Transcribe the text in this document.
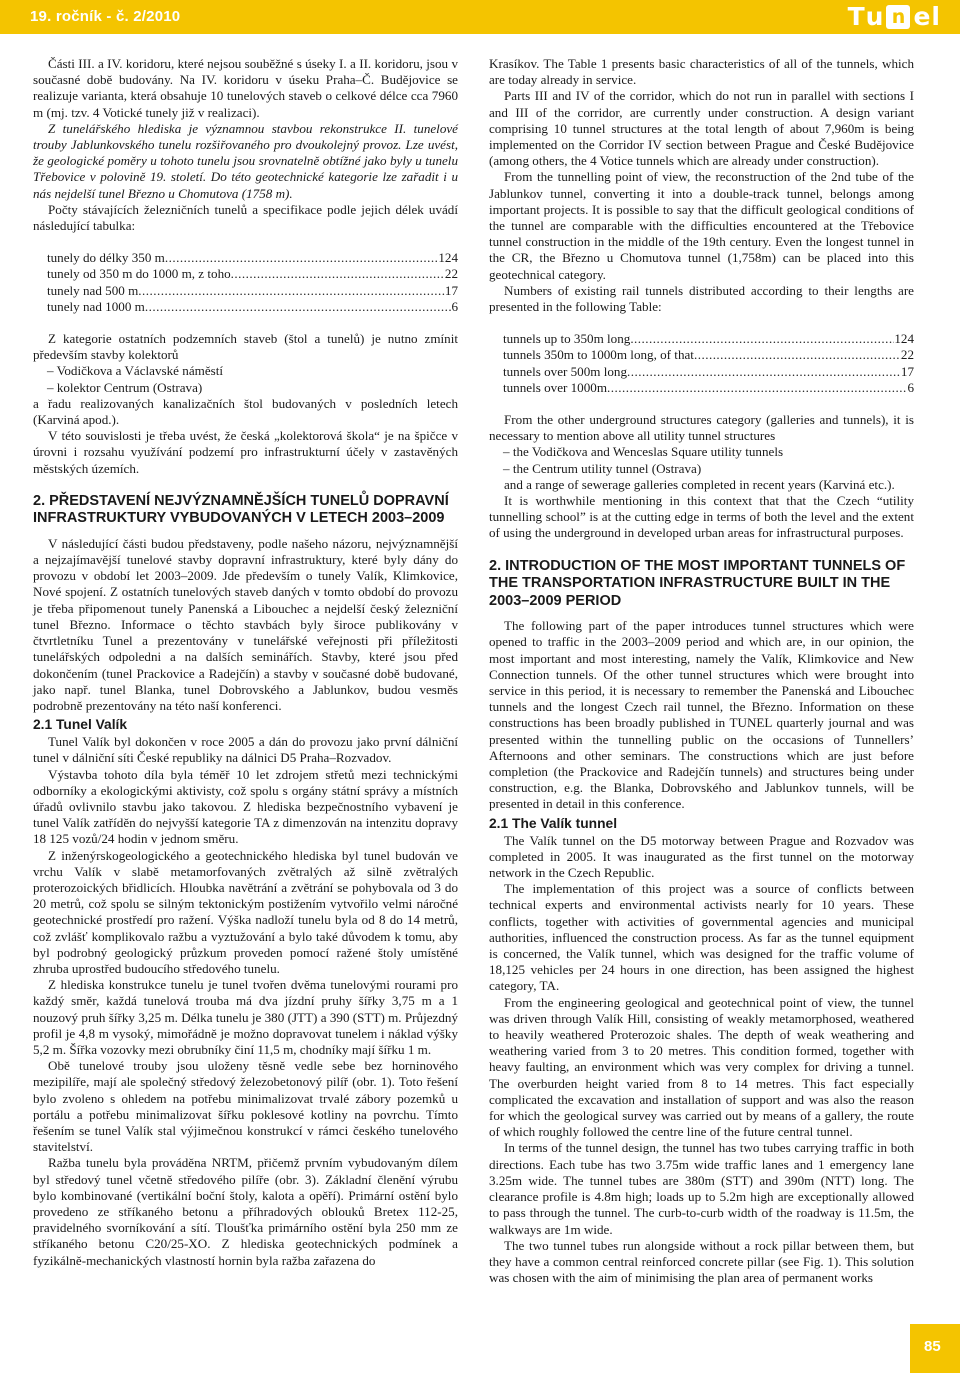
19. ročník - č. 2/2010	T u n e l

Části III. a IV. koridoru, které nejsou souběžné s úseky I. a II. koridoru, jsou v současné době budovány. Na IV. koridoru v úseku Praha–Č. Budějovice se realizuje varianta, která obsahuje 10 tunelových staveb o celkové délce cca 7960 m (mj. tzv. 4 Votické tunely již v realizaci).

Z tunelářského hlediska je významnou stavbou rekonstrukce II. tunelové trouby Jablunkovského tunelu rozšiřovaného pro dvoukolejný provoz. Lze uvést, že geologické poměry u tohoto tunelu jsou srovnatelně obtížné jako byly u tunelu Třebovice v polovině 19. století. Do této geotechnické kategorie lze zařadit i u nás nejdelší tunel Březno u Chomutova (1758 m).

Počty stávajících železničních tunelů a specifikace podle jejich délek uvádí následující tabulka:

tunely do délky 350 m . . .	124
tunely od 350 m do 1000 m, z toho . . .	22
tunely nad 500 m . . .	17
tunely nad 1000 m . . .	6

Z kategorie ostatních podzemních staveb (štol a tunelů) je nutno zmínit především stavby kolektorů

– Vodičkova a Václavské náměstí

– kolektor Centrum (Ostrava)

a řadu realizovaných kanalizačních štol budovaných v posledních letech (Karviná apod.).

V této souvislosti je třeba uvést, že česká „kolektorová škola“ je na špičce v úrovni i rozsahu využívání podzemí pro infrastrukturní účely v zastavěných městských územích.

2. PŘEDSTAVENÍ NEJVÝZNAMNĚJŠÍCH TUNELŮ DOPRAVNÍ INFRASTRUKTURY VYBUDOVANÝCH V LETECH 2003–2009

V následující části budou představeny, podle našeho názoru, nejvýznamnější a nejzajímavější tunelové stavby dopravní infrastruktury, které byly dány do provozu v období let 2003–2009. Jde především o tunely Valík, Klimkovice, Nové spojení. Z ostatních tunelových staveb daných v tomto období do provozu je třeba připomenout tunely Panenská a Libouchec a nejdelší český železniční tunel Březno. Informace o těchto stavbách byly široce publikovány v čtvrtletníku Tunel a prezentovány v tunelářské veřejnosti při příležitosti tunelářských odpoledni a na dalších seminářích. Stavby, které jsou před dokončením (tunel Prackovice a Radejčín) a stavby v současné době budované, jako např. tunel Blanka, tunel Dobrovského a Jablunkov, budou vesměs podrobně prezentovány na této naší konferenci.

2.1 Tunel Valík

Tunel Valík byl dokončen v roce 2005 a dán do provozu jako první dálniční tunel v dálniční síti České republiky na dálnici D5 Praha–Rozvadov.

Výstavba tohoto díla byla téměř 10 let zdrojem střetů mezi technickými odborníky a ekologickými aktivisty, což spolu s orgány státní správy a místních úřadů ovlivnilo stavbu jako takovou. Z hlediska bezpečnostního vybavení je tunel Valík zatříděn do nejvyšší kategorie TA z dimenzován na intenzitu dopravy 18 125 vozů/24 hodin v jednom směru.

Z inženýrskogeologického a geotechnického hlediska byl tunel budován ve vrchu Valík v slabě metamorfovaných zvětralých až silně zvětralých proterozoických břidlicích. Hloubka navětrání a zvětrání se pohybovala od 3 do 20 metrů, což spolu se silným tektonickým postižením vytvořilo velmi náročné geotechnické prostředí pro ražení. Výška nadloží tunelu byla od 8 do 14 metrů, což zvlášť komplikovalo ražbu a vyztužování a bylo také důvodem k tomu, aby byl podrobný geologický průzkum proveden pomocí ražené štoly umístěné zhruba uprostřed budoucího středového tunelu.

Z hlediska konstrukce tunelu je tunel tvořen dvěma tunelovými rourami pro každý směr, každá tunelová trouba má dva jízdní pruhy šířky 3,75 m a 1 nouzový pruh šířky 3,25 m. Délka tunelu je 380 (JTT) a 390 (STT) m. Průjezdný profil je 4,8 m vysoký, mimořádně je možno dopravovat tunelem i náklad výšky 5,2 m. Šířka vozovky mezi obrubníky činí 11,5 m, chodníky mají šířku 1 m.

Obě tunelové trouby jsou uloženy těsně vedle sebe bez horninového mezipilíře, mají ale společný středový železobetonový pilíř (obr. 1). Toto řešení bylo zvoleno s ohledem na potřebu minimalizovat trvalé zábory pozemků u portálu a potřebu minimalizovat šířku poklesové kotliny na povrchu. Tímto řešením se tunel Valík stal výjimečnou konstrukcí v rámci českého tunelového stavitelství.

Ražba tunelu byla prováděna NRTM, přičemž prvním vybudovaným dílem byl středový tunel včetně středového pilíře (obr. 3). Základní členění výrubu bylo kombinované (vertikální boční štoly, kalota a opěří). Primární ostění bylo provedeno ze stříkaného betonu a příhradových oblouků Bretex 112-25, pravidelného svorníkování a sítí. Tloušťka primárního ostění byla 250 mm ze stříkaného betonu C20/25-XO. Z hlediska geotechnických podmínek a fyzikálně-mechanických vlastností hornin byla ražba zařazena do

Krasíkov. The Table 1 presents basic characteristics of all of the tunnels, which are today already in service.

Parts III and IV of the corridor, which do not run in parallel with sections I and III of the corridor, are currently under construction. A design variant comprising 10 tunnel structures at the total length of about 7,960m is being implemented on the Corridor IV section between Prague and České Budějovice (among others, the 4 Votice tunnels which are already under construction).

From the tunnelling point of view, the reconstruction of the 2nd tube of the Jablunkov tunnel, converting it into a double-track tunnel, belongs among important projects. It is possible to say that the difficult geological conditions of the tunnel are comparable with the difficulties encountered at the Třebovice tunnel construction in the middle of the 19th century. Even the longest tunnel in the CR, the Březno u Chomutova tunnel (1,758m) can be placed into this geotechnical category.

Numbers of existing rail tunnels distributed according to their lengths are presented in the following Table:

tunnels up to 350m long . . .	124
tunnels 350m to 1000m long, of that . . .	22
tunnels over 500m long . . .	17
tunnels over 1000m . . .	6

From the other underground structures category (galleries and tunnels), it is necessary to mention above all utility tunnel structures

– the Vodičkova and Wenceslas Square utility tunnels

– the Centrum utility tunnel (Ostrava)

and a range of sewerage galleries completed in recent years (Karviná etc.).

It is worthwhile mentioning in this context that that the Czech “utility tunnelling school” is at the cutting edge in terms of both the level and the extent of using the underground in developed urban areas for infrastructural purposes.

2. INTRODUCTION OF THE MOST IMPORTANT TUNNELS OF THE TRANSPORTATION INFRASTRUCTURE BUILT IN THE 2003–2009 PERIOD

The following part of the paper introduces tunnel structures which were opened to traffic in the 2003–2009 period and which are, in our opinion, the most important and most interesting, namely the Valík, Klimkovice and New Connection tunnels. Of the other tunnel structures which were brought into service in this period, it is necessary to remember the Panenská and Libouchec tunnels and the longest Czech rail tunnel, the Březno. Information on these constructions has been broadly published in TUNEL quarterly journal and was presented within the tunnelling public on the occasions of Tunnellers’ Afternoons and other seminars. The constructions which are just before completion (the Prackovice and Radejčín tunnels) and structures being under construction, e.g. the Blanka, Dobrovského and Jablunkov tunnels, will be presented in detail in this conference.

2.1 The Valík tunnel

The Valík tunnel on the D5 motorway between Prague and Rozvadov was completed in 2005. It was inaugurated as the first tunnel on the motorway network in the Czech Republic.

The implementation of this project was a source of conflicts between technical experts and environmental activists nearly for 10 years. These conflicts, together with activities of governmental agencies and municipal authorities, influenced the construction process. As far as the tunnel equipment is concerned, the Valík tunnel, which was designed for the traffic volume of 18,125 vehicles per 24 hours in one direction, has been assigned the highest category, TA.

From the engineering geological and geotechnical point of view, the tunnel was driven through Valík Hill, consisting of weakly metamorphosed, weathered to heavily weathered Proterozoic shales. The depth of weak weathering and weathering varied from 3 to 20 metres. This condition formed, together with heavy faulting, an environment which was very complex for driving a tunnel. The overburden height varied from 8 to 14 metres. This fact especially complicated the excavation and installation of support and was also the reason for which the geological survey was carried out by means of a gallery, the route of which roughly followed the centre line of the future central tunnel.

In terms of the tunnel design, the tunnel has two tubes carrying traffic in both directions. Each tube has two 3.75m wide traffic lanes and 1 emergency lane 3.25m wide. The tunnel tubes are 380m (STT) and 390m (NTT) long. The clearance profile is 4.8m high; loads up to 5.2m high are exceptionally allowed to pass through the tunnel. The curb-to-curb width of the roadway is 11.5m, the walkways are 1m wide.

The two tunnel tubes run alongside without a rock pillar between them, but they have a common central reinforced concrete pillar (see Fig. 1). This solution was chosen with the aim of minimising the plan area of permanent works

85
